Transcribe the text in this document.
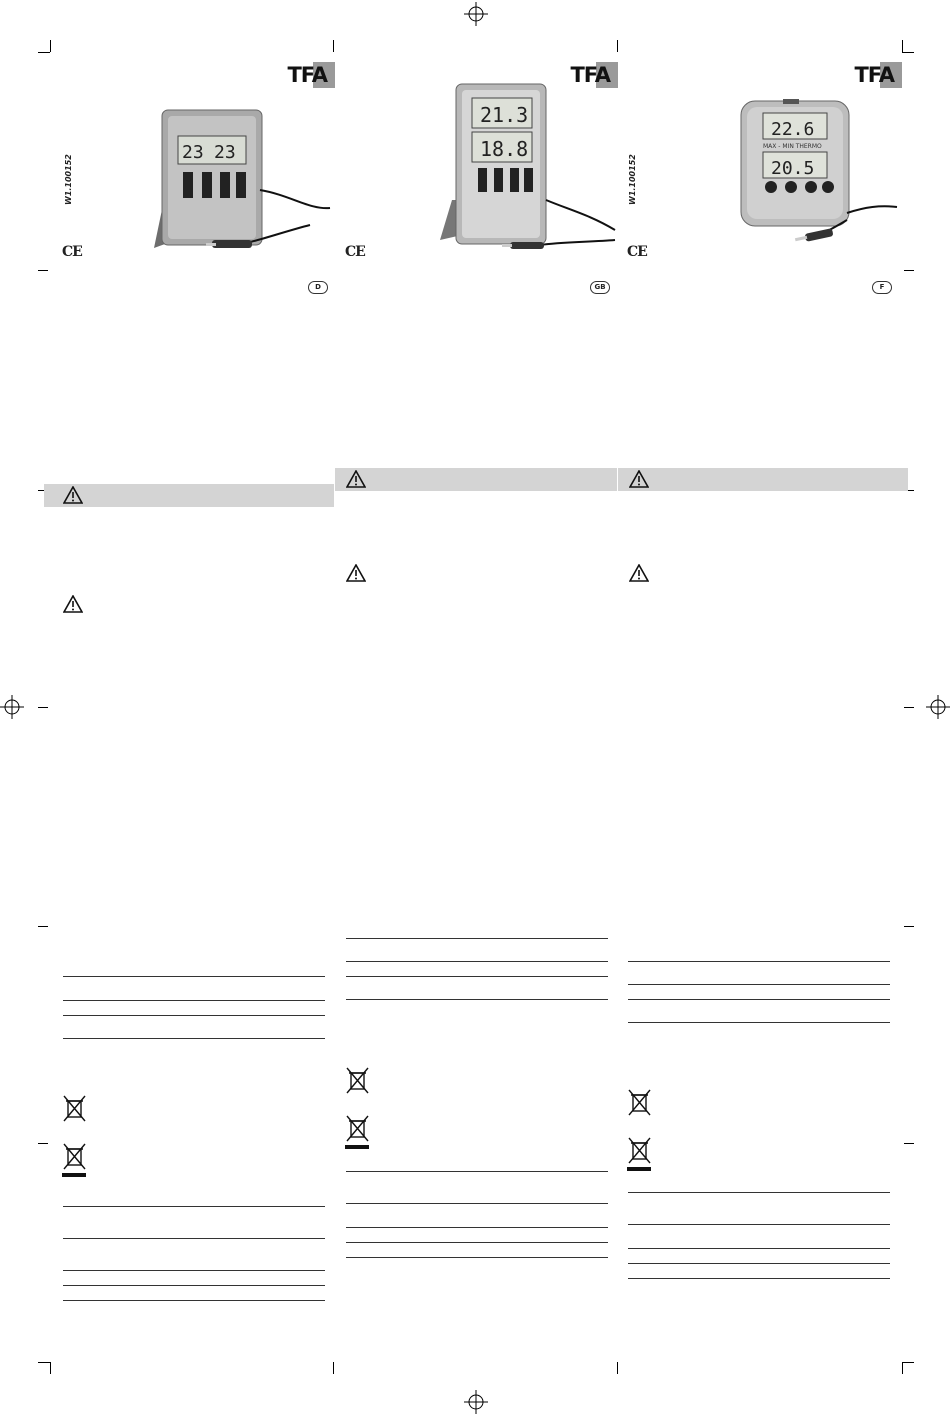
TFA
W1.100152
CE
D
23 23
TFA
CE
GB
21.3
18.8
TFA
W1.100152
CE
F
22.6
MAX - MIN THERMO
20.5
